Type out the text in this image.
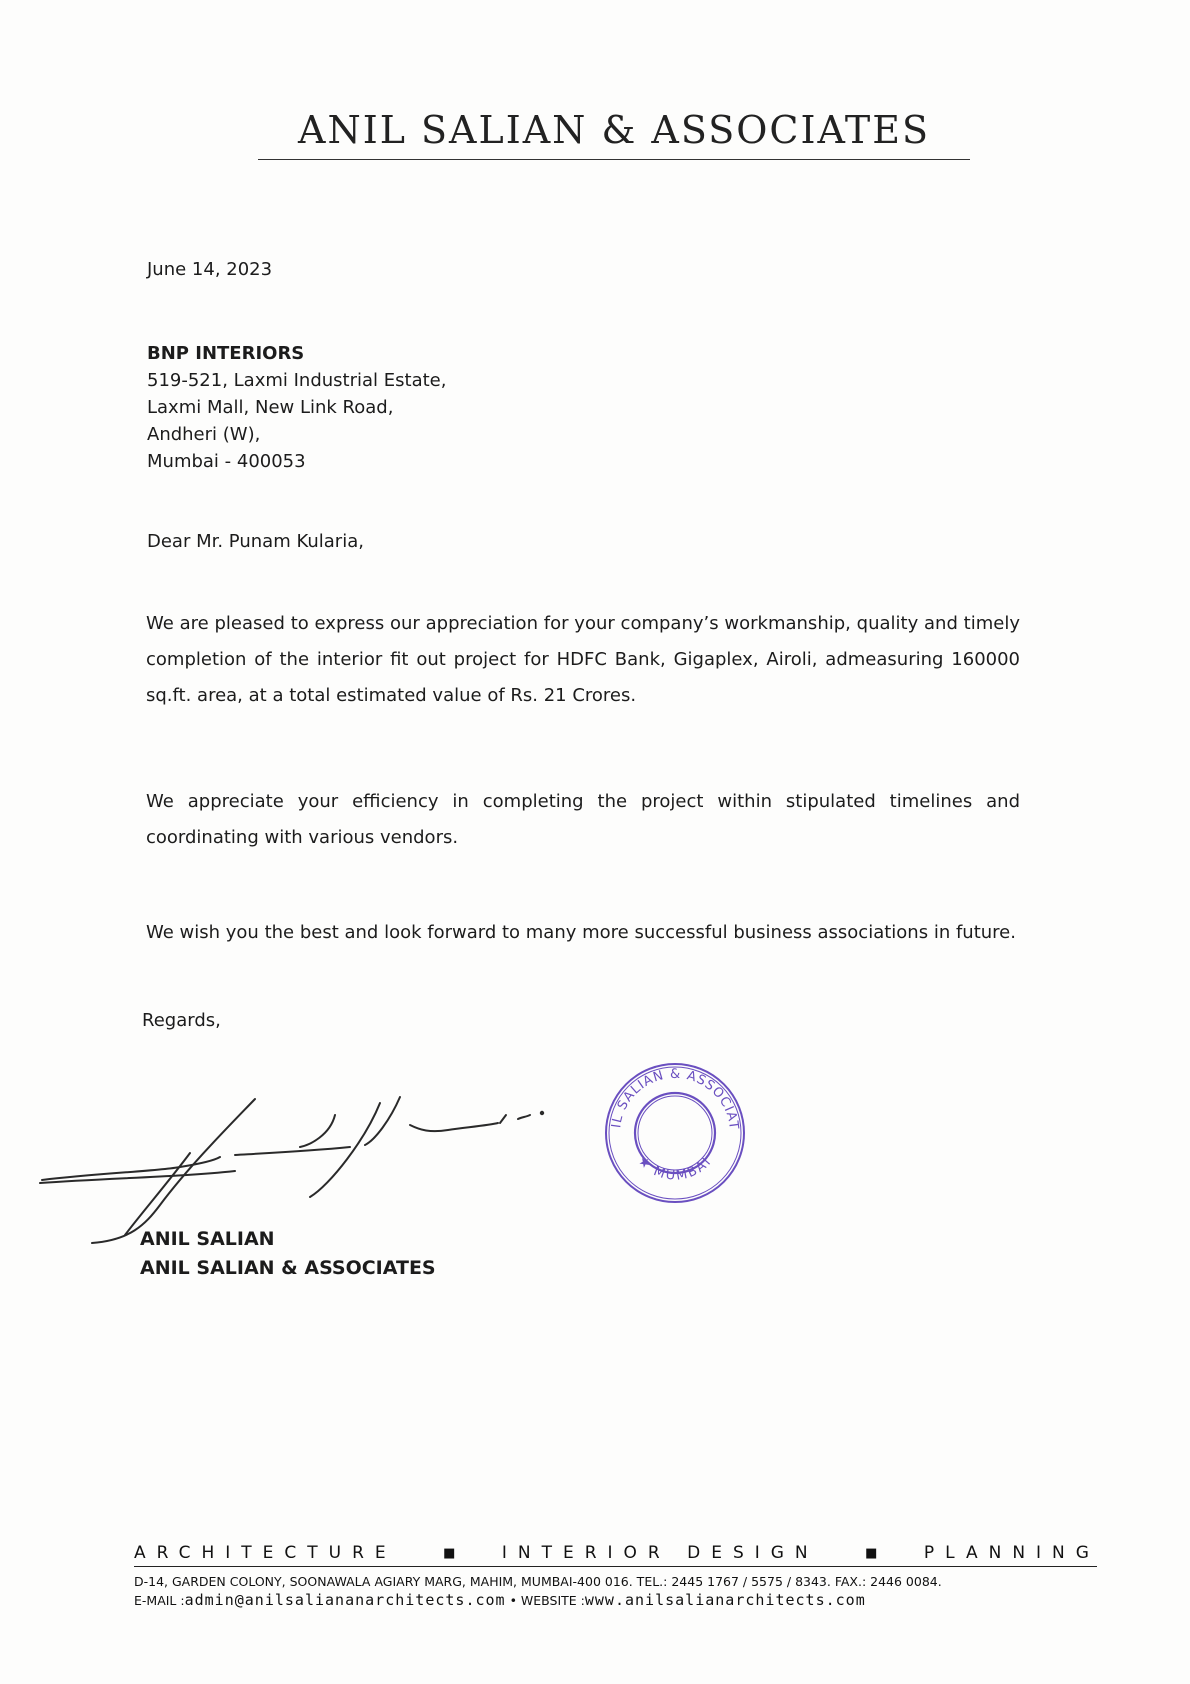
ANIL SALIAN & ASSOCIATES
June 14, 2023
BNP INTERIORS
519-521, Laxmi Industrial Estate,
Laxmi Mall, New Link Road,
Andheri (W),
Mumbai - 400053
Dear Mr. Punam Kularia,
We are pleased to express our appreciation for your company’s workmanship, quality and timely completion of the interior fit out project for HDFC Bank, Gigaplex, Airoli, admeasuring 160000 sq.ft. area, at a total estimated value of Rs. 21 Crores.
We appreciate your efficiency in completing the project within stipulated timelines and coordinating with various vendors.
We wish you the best and look forward to many more successful business associations in future.
Regards,
IL SALIAN & ASSOCIAT
★ MUMBAI
ANIL SALIAN
ANIL SALIAN & ASSOCIATES
ARCHITECTURE	■	INTERIOR DESIGN	■	PLANNING
D-14, GARDEN COLONY, SOONAWALA AGIARY MARG, MAHIM, MUMBAI-400 016. TEL.: 2445 1767 / 5575 / 8343. FAX.: 2446 0084.
E-MAIL :admin@anilsaliananarchitects.com • WEBSITE :www.anilsalianarchitects.com
